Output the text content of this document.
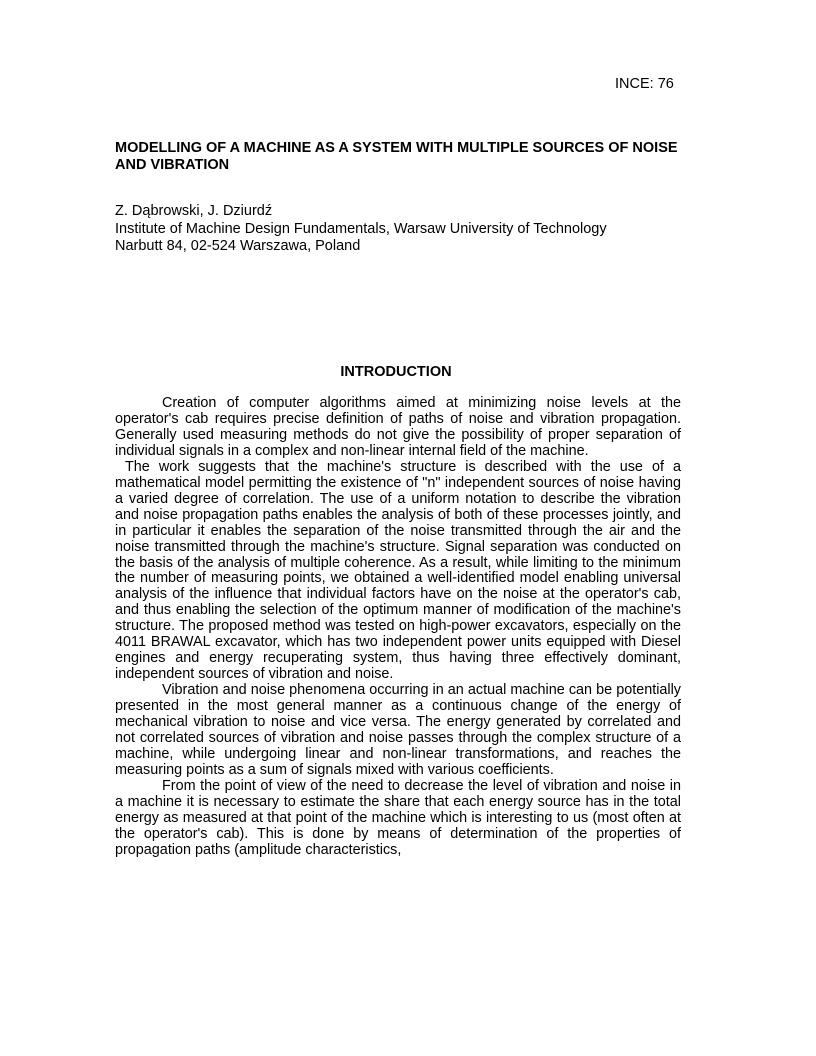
INCE: 76
MODELLING OF A MACHINE AS A SYSTEM WITH MULTIPLE SOURCES OF NOISE AND VIBRATION
Z. Dąbrowski, J. Dziurdź
Institute of Machine Design Fundamentals, Warsaw University of Technology
Narbutt 84, 02-524 Warszawa, Poland
INTRODUCTION

Creation of computer algorithms aimed at minimizing noise levels at the operator's cab requires precise definition of paths of noise and vibration propagation. Generally used measuring methods do not give the possibility of proper separation of individual signals in a complex and non-linear internal field of the machine.

The work suggests that the machine's structure is described with the use of a mathematical model permitting the existence of "n" independent sources of noise having a varied degree of correlation. The use of a uniform notation to describe the vibration and noise propagation paths enables the analysis of both of these processes jointly, and in particular it enables the separation of the noise transmitted through the air and the noise transmitted through the machine's structure. Signal separation was conducted on the basis of the analysis of multiple coherence. As a result, while limiting to the minimum the number of measuring points, we obtained a well-identified model enabling universal analysis of the influence that individual factors have on the noise at the operator's cab, and thus enabling the selection of the optimum manner of modification of the machine's structure. The proposed method was tested on high-power excavators, especially on the 4011 BRAWAL excavator, which has two independent power units equipped with Diesel engines and energy recuperating system, thus having three effectively dominant, independent sources of vibration and noise.

Vibration and noise phenomena occurring in an actual machine can be potentially presented in the most general manner as a continuous change of the energy of mechanical vibration to noise and vice versa. The energy generated by correlated and not correlated sources of vibration and noise passes through the complex structure of a machine, while undergoing linear and non-linear transformations, and reaches the measuring points as a sum of signals mixed with various coefficients.

From the point of view of the need to decrease the level of vibration and noise in a machine it is necessary to estimate the share that each energy source has in the total energy as measured at that point of the machine which is interesting to us (most often at the operator's cab). This is done by means of determination of the properties of propagation paths (amplitude characteristics,
